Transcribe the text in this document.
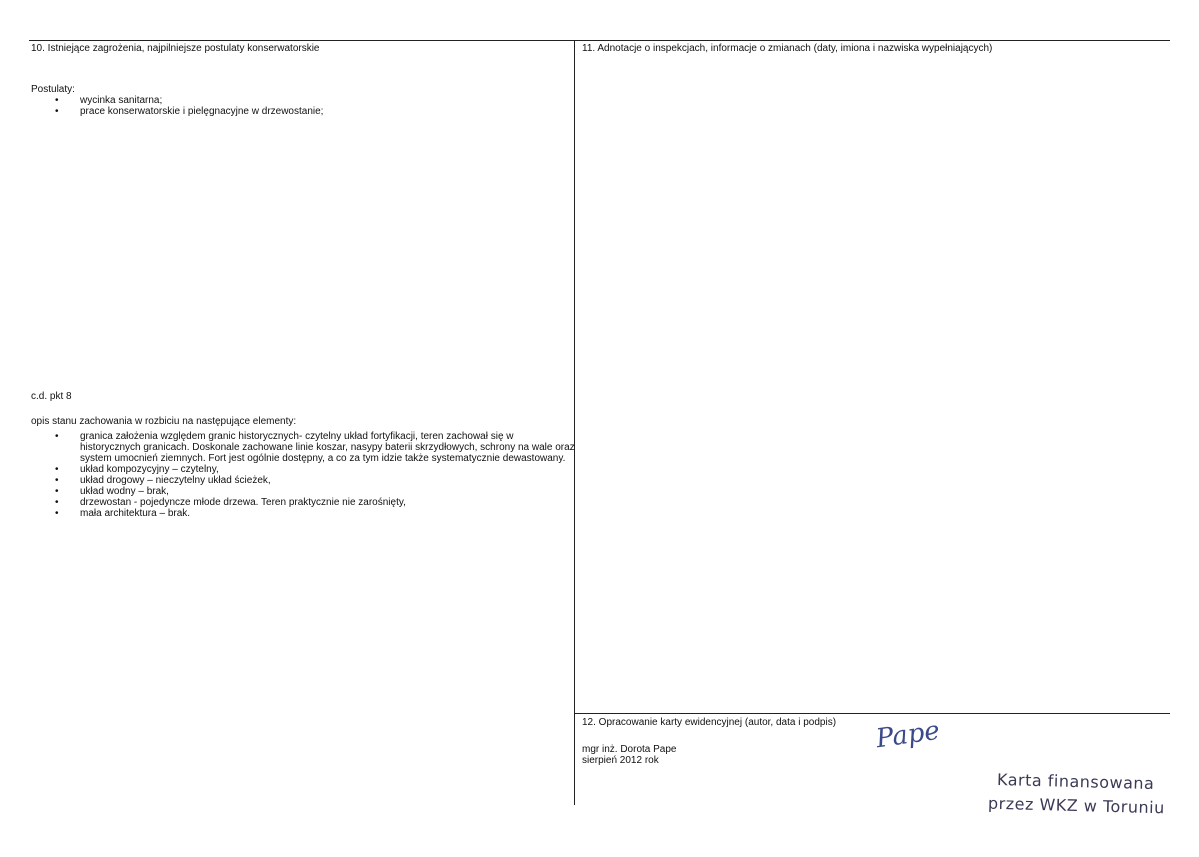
10. Istniejące zagrożenia, najpilniejsze postulaty konserwatorskie
Postulaty:
• wycinka sanitarna;
• prace konserwatorskie i pielęgnacyjne w drzewostanie;
c.d. pkt 8
opis stanu zachowania w rozbiciu na następujące elementy:
• granica założenia względem granic historycznych- czytelny układ fortyfikacji, teren zachował się w historycznych granicach. Doskonale zachowane linie koszar, nasypy baterii skrzydłowych, schrony na wale oraz system umocnień ziemnych. Fort jest ogólnie dostępny, a co za tym idzie także systematycznie dewastowany.
• układ kompozycyjny – czytelny,
• układ drogowy – nieczytelny układ ścieżek,
• układ wodny – brak,
• drzewostan - pojedyncze młode drzewa. Teren praktycznie nie zarośnięty,
• mała architektura – brak.
11. Adnotacje o inspekcjach, informacje o zmianach (daty, imiona i nazwiska wypełniających)
12. Opracowanie karty ewidencyjnej (autor, data i podpis)
mgr inż. Dorota Pape
sierpień 2012 rok
Pape
Karta finansowana
przez WKZ w Toruniu
